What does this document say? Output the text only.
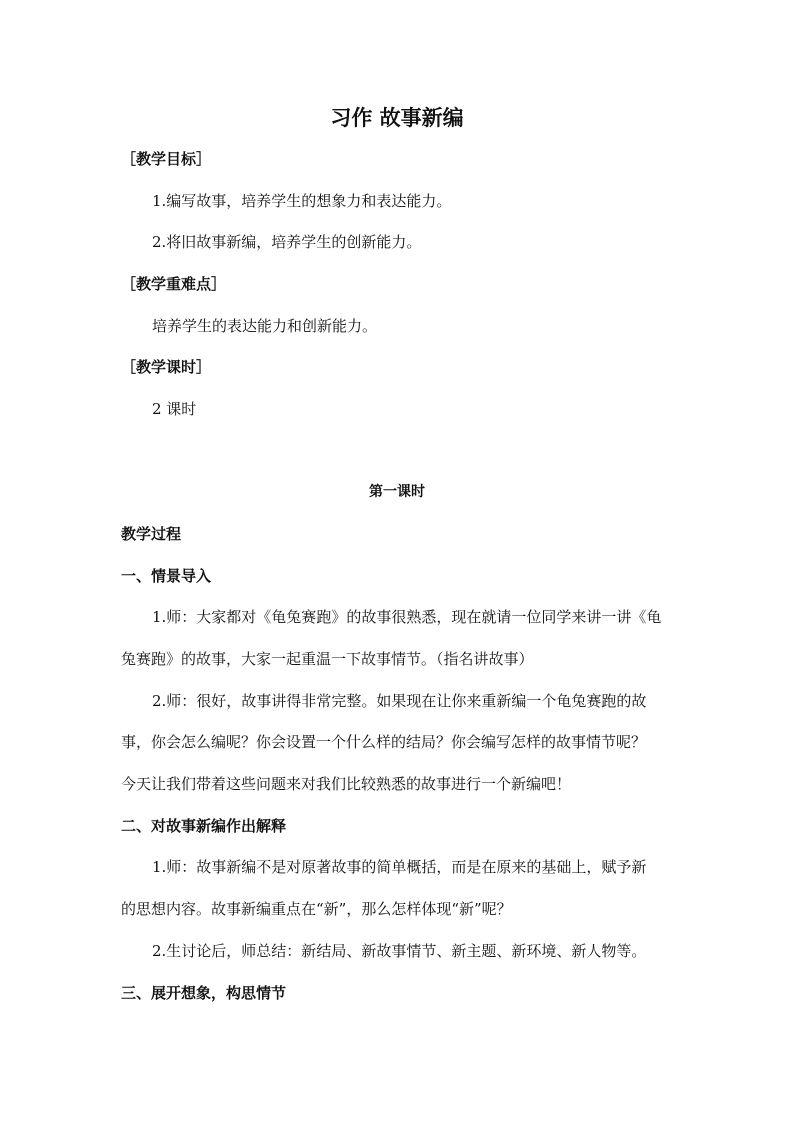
习作 故事新编
［教学目标］
1.编写故事，培养学生的想象力和表达能力。
2.将旧故事新编，培养学生的创新能力。
［教学重难点］
培养学生的表达能力和创新能力。
［教学课时］
2 课时
第一课时
教学过程
一、情景导入
1.师：大家都对《龟兔赛跑》的故事很熟悉，现在就请一位同学来讲一讲《龟
兔赛跑》的故事，大家一起重温一下故事情节。（指名讲故事）
2.师：很好，故事讲得非常完整。如果现在让你来重新编一个龟兔赛跑的故
事，你会怎么编呢？你会设置一个什么样的结局？你会编写怎样的故事情节呢？
今天让我们带着这些问题来对我们比较熟悉的故事进行一个新编吧！
二、对故事新编作出解释
1.师：故事新编不是对原著故事的简单概括，而是在原来的基础上，赋予新
的思想内容。故事新编重点在“新”，那么怎样体现“新”呢？
2.生讨论后，师总结：新结局、新故事情节、新主题、新环境、新人物等。
三、展开想象，构思情节
